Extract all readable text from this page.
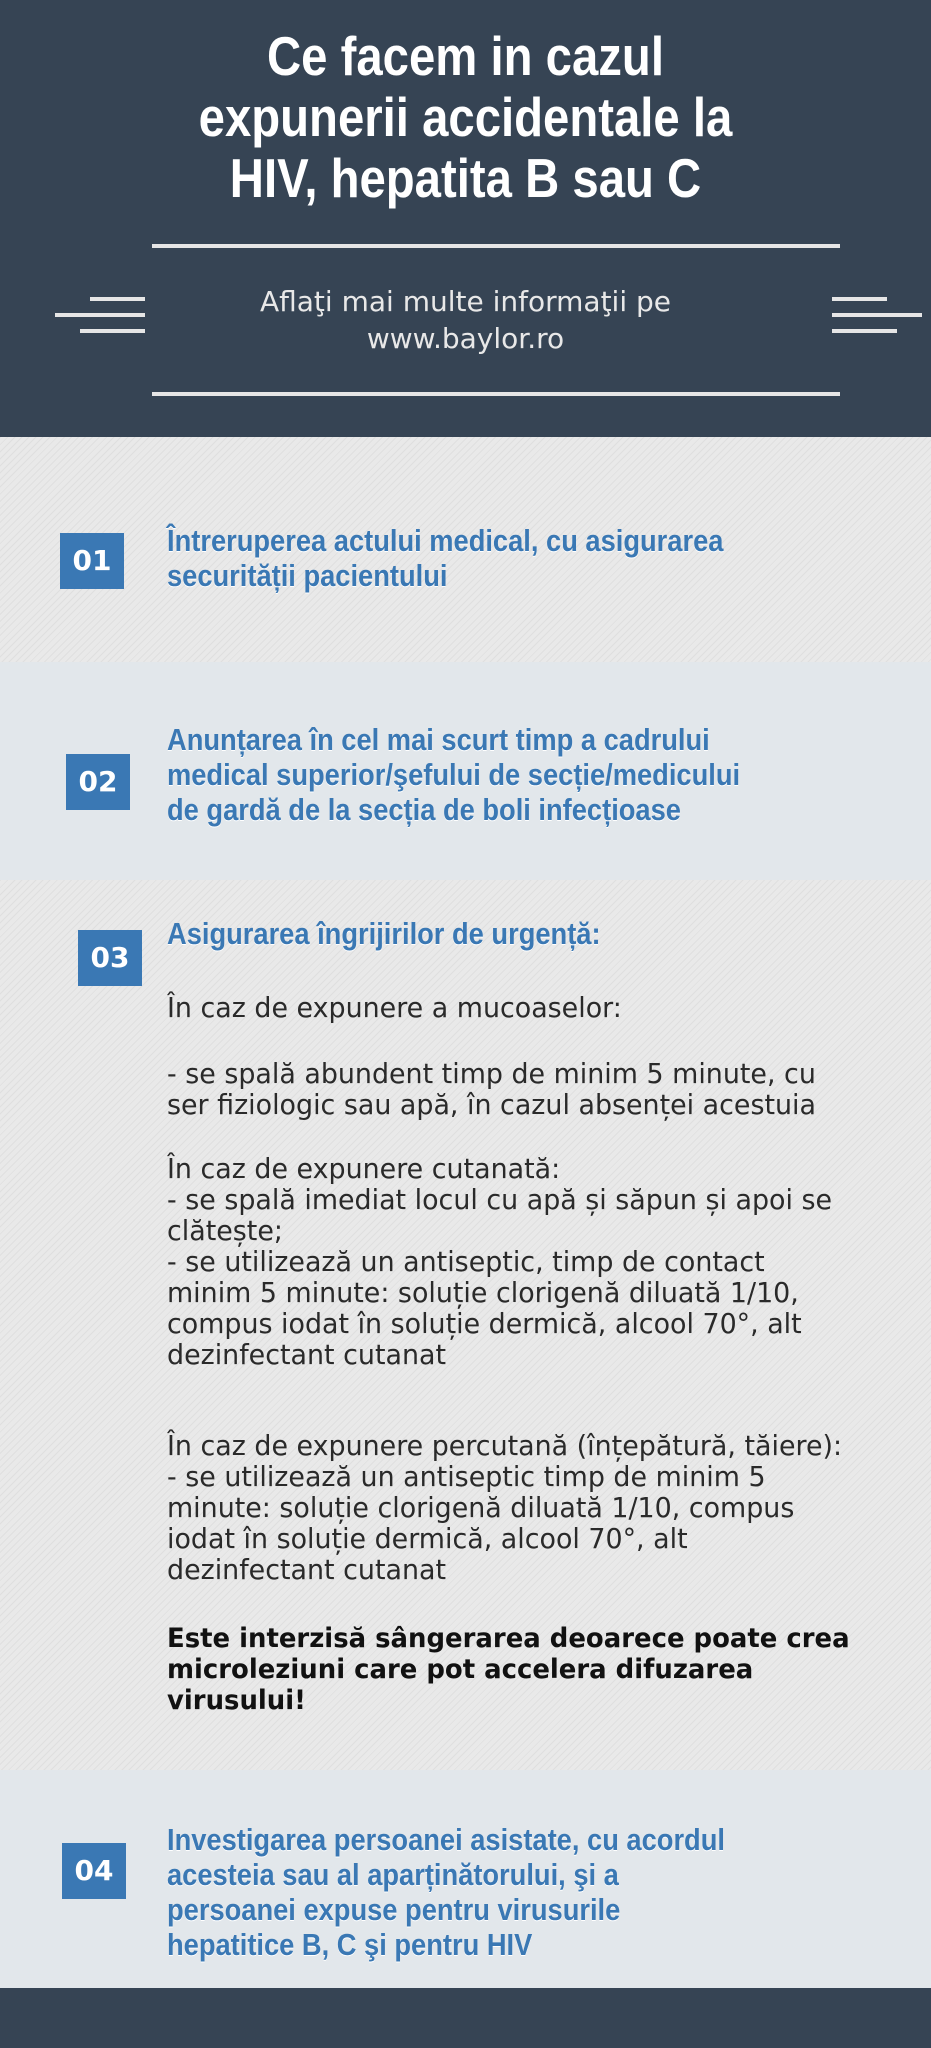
Ce facem in cazul
expunerii accidentale la
HIV, hepatita B sau C

Aflaţi mai multe informaţii pe
www.baylor.ro

01
Întreruperea actului medical, cu asigurarea
securității pacientului
02
Anunțarea în cel mai scurt timp a cadrului
medical superior/şefului de secție/medicului
de gardă de la secția de boli infecțioase
03
Asigurarea îngrijirilor de urgență:

În caz de expunere a mucoaselor:

- se spală abundent timp de minim 5 minute, cu
ser fiziologic sau apă, în cazul absenței acestuia

În caz de expunere cutanată:
- se spală imediat locul cu apă și săpun și apoi se
clătește;
- se utilizează un antiseptic, timp de contact
minim 5 minute: soluție clorigenă diluată 1/10,
compus iodat în soluție dermică, alcool 70°, alt
dezinfectant cutanat

În caz de expunere percutană (înțepătură, tăiere):
- se utilizează un antiseptic timp de minim 5
minute: soluție clorigenă diluată 1/10, compus
iodat în soluție dermică, alcool 70°, alt
dezinfectant cutanat

Este interzisă sângerarea deoarece poate crea
microleziuni care pot accelera difuzarea
virusului!

04
Investigarea persoanei asistate, cu acordul
acesteia sau al aparținătorului, şi a
persoanei expuse pentru virusurile
hepatitice B, C şi pentru HIV
